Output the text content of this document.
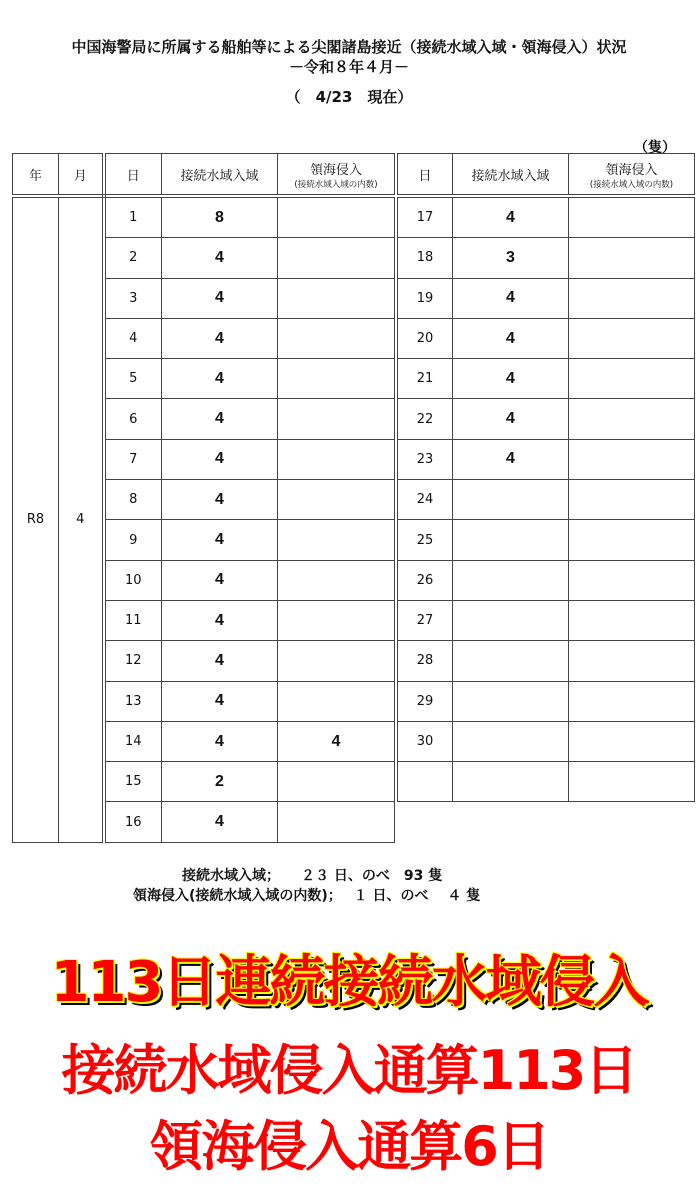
中国海警局に所属する船舶等による尖閣諸島接近（接続水域入域・領海侵入）状況
－令和８年４月－
（　4/23　現在）
（隻）
年	月	日	接続水域入域	領海侵入
(接続水域入域の内数)

R8	4	1	8	
		2	4	
		3	4	
		4	4	
		5	4	
		6	4	
		7	4	
		8	4	
		9	4	
		10	4	
		11	4	
		12	4	
		13	4	
		14	4	4
		15	2	
		16	4	
日	接続水域入域	領海侵入
(接続水域入域の内数)

17	4	
18	3	
19	4	
20	4	
21	4	
22	4	
23	4	
24		
25		
26		
27		
28		
29		
30		

接続水域入域；　　２３ 日、のべ　93 隻
領海侵入(接続水域入域の内数)；　 １ 日、のべ　 ４ 隻
113日連続接続水域侵入
接続水域侵入通算113日
領海侵入通算6日
